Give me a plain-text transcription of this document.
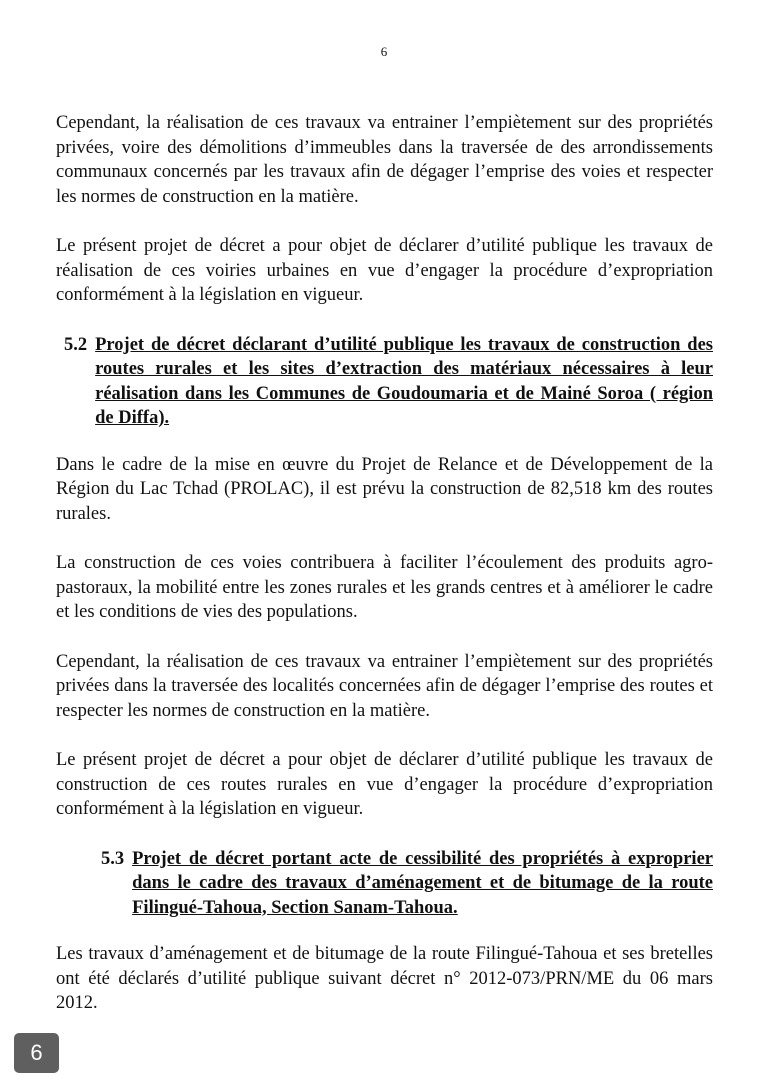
6

Cependant, la réalisation de ces travaux va entrainer l’empiètement sur des propriétés privées, voire des démolitions d’immeubles dans la traversée de des arrondissements communaux concernés par les travaux afin de dégager l’emprise des voies et respecter les normes de construction en la matière.

Le présent projet de décret a pour objet de déclarer d’utilité publique les travaux de réalisation de ces voiries urbaines en vue d’engager la procédure d’expropriation conformément à la législation en vigueur.

5.2 Projet de décret déclarant d’utilité publique les travaux de construction des routes rurales et les sites d’extraction des matériaux nécessaires à leur réalisation dans les Communes de Goudoumaria et de Mainé Soroa ( région de Diffa).

Dans le cadre de la mise en œuvre du Projet de Relance et de Développement de la Région du Lac Tchad (PROLAC), il est prévu la construction de 82,518 km des routes rurales.

La construction de ces voies contribuera à faciliter l’écoulement des produits agro-pastoraux, la mobilité entre les zones rurales et les grands centres et à améliorer le cadre et les conditions de vies des populations.

Cependant, la réalisation de ces travaux va entrainer l’empiètement sur des propriétés privées dans la traversée des localités concernées afin de dégager l’emprise des routes et respecter les normes de construction en la matière.

Le présent projet de décret a pour objet de déclarer d’utilité publique les travaux de construction de ces routes rurales en vue d’engager la procédure d’expropriation conformément à la législation en vigueur.

5.3 Projet de décret portant acte de cessibilité des propriétés à exproprier dans le cadre des travaux d’aménagement et de bitumage de la route Filingué-Tahoua, Section Sanam-Tahoua.

Les travaux d’aménagement et de bitumage de la route Filingué-Tahoua et ses bretelles ont été déclarés d’utilité publique suivant décret n° 2012-073/PRN/ME du 06 mars 2012.

6
